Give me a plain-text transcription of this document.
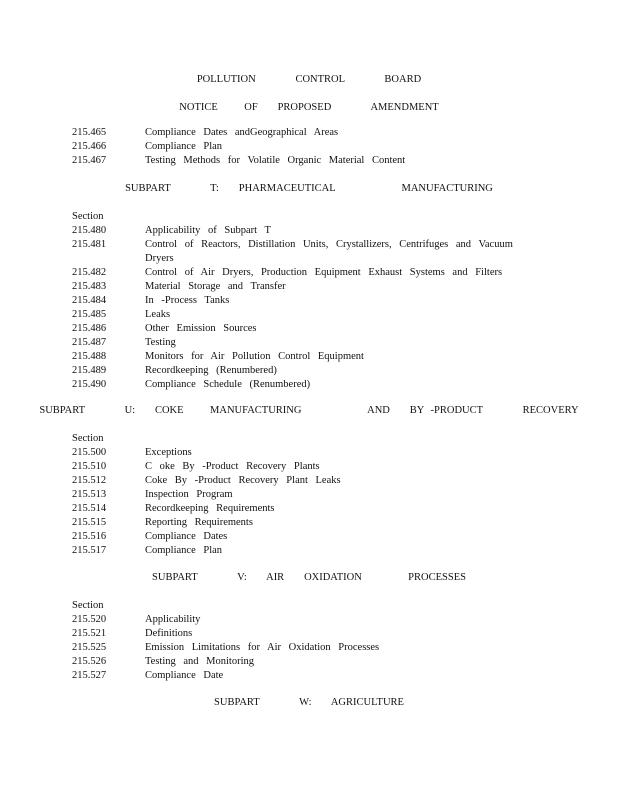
POLLUTION      CONTROL      BOARD
NOTICE    OF   PROPOSED      AMENDMENT
215.465	Compliance Dates andGeographical Areas
215.466	Compliance Plan
215.467	Testing Methods for Volatile Organic Material Content
SUBPART      T:   PHARMACEUTICAL          MANUFACTURING
Section
215.480	Applicability of Subpart T
215.481	Control of Reactors, Distillation Units, Crystallizers, Centrifuges and Vacuum Dryers
215.482	Control of Air Dryers, Production Equipment Exhaust Systems and Filters
215.483	Material Storage and Transfer
215.484	In -Process Tanks
215.485	Leaks
215.486	Other Emission Sources
215.487	Testing
215.488	Monitors for Air Pollution Control Equipment
215.489	Recordkeeping (Renumbered)
215.490	Compliance Schedule (Renumbered)
SUBPART      U:   COKE    MANUFACTURING          AND   BY -PRODUCT      RECOVERY
Section
215.500	Exceptions
215.510	C oke By -Product Recovery Plants
215.512	Coke By -Product Recovery Plant Leaks
215.513	Inspection Program
215.514	Recordkeeping Requirements
215.515	Reporting Requirements
215.516	Compliance Dates
215.517	Compliance Plan
SUBPART      V:   AIR   OXIDATION       PROCESSES
Section
215.520	Applicability
215.521	Definitions
215.525	Emission Limitations for Air Oxidation Processes
215.526	Testing and Monitoring
215.527	Compliance Date
SUBPART      W:   AGRICULTURE
